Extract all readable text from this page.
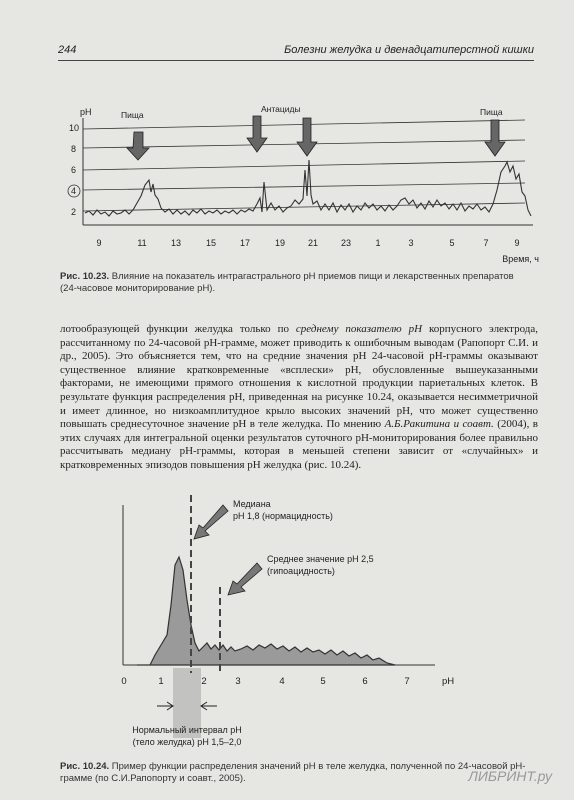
244	Болезни желудка и двенадцатиперстной кишки
pH
10
8
6
4
2
Пища
Антациды	Пища
9	11	13	15	17	19	21	23	1	3	5	7	9
Время, ч
Рис. 10.23. Влияние на показатель интрагастрального pH приемов пищи и лекарственных препаратов (24-часовое мониторирование pH).
лотообразующей функции желудка только по среднему показателю pH корпусного электрода, рассчитанному по 24-часовой pH-грамме, может приводить к ошибочным выводам (Рапопорт С.И. и др., 2005). Это объясняется тем, что на средние значения pH 24-часовой pH-граммы оказывают существенное влияние кратковременные «всплески» pH, обусловленные вышеуказанными факторами, не имеющими прямого отношения к кислотной продукции париетальных клеток. В результате функция распределения pH, приведенная на рисунке 10.24, оказывается несимметричной и имеет длинное, но низкоамплитудное крыло высоких значений pH, что может существенно повышать среднесуточное значение pH в теле желудка. По мнению А.Б.Ракитина и соавт. (2004), в этих случаях для интегральной оценки результатов суточного pH-мониторирования более правильно рассчитывать медиану pH-граммы, которая в меньшей степени зависит от «случайных» и кратковременных эпизодов повышения pH желудка (рис. 10.24).
Медиана
pH 1,8 (нормацидность)
Среднее значение pH 2,5
(гипоацидность)
0	1	2	3	4	5	6	7	pH
Нормальный интервал pH
(тело желудка) pH 1,5–2,0
Рис. 10.24. Пример функции распределения значений pH в теле желудка, полученной по 24-часовой pH-грамме (по С.И.Рапопорту и соавт., 2005).	ЛИБРИНТ.ру
